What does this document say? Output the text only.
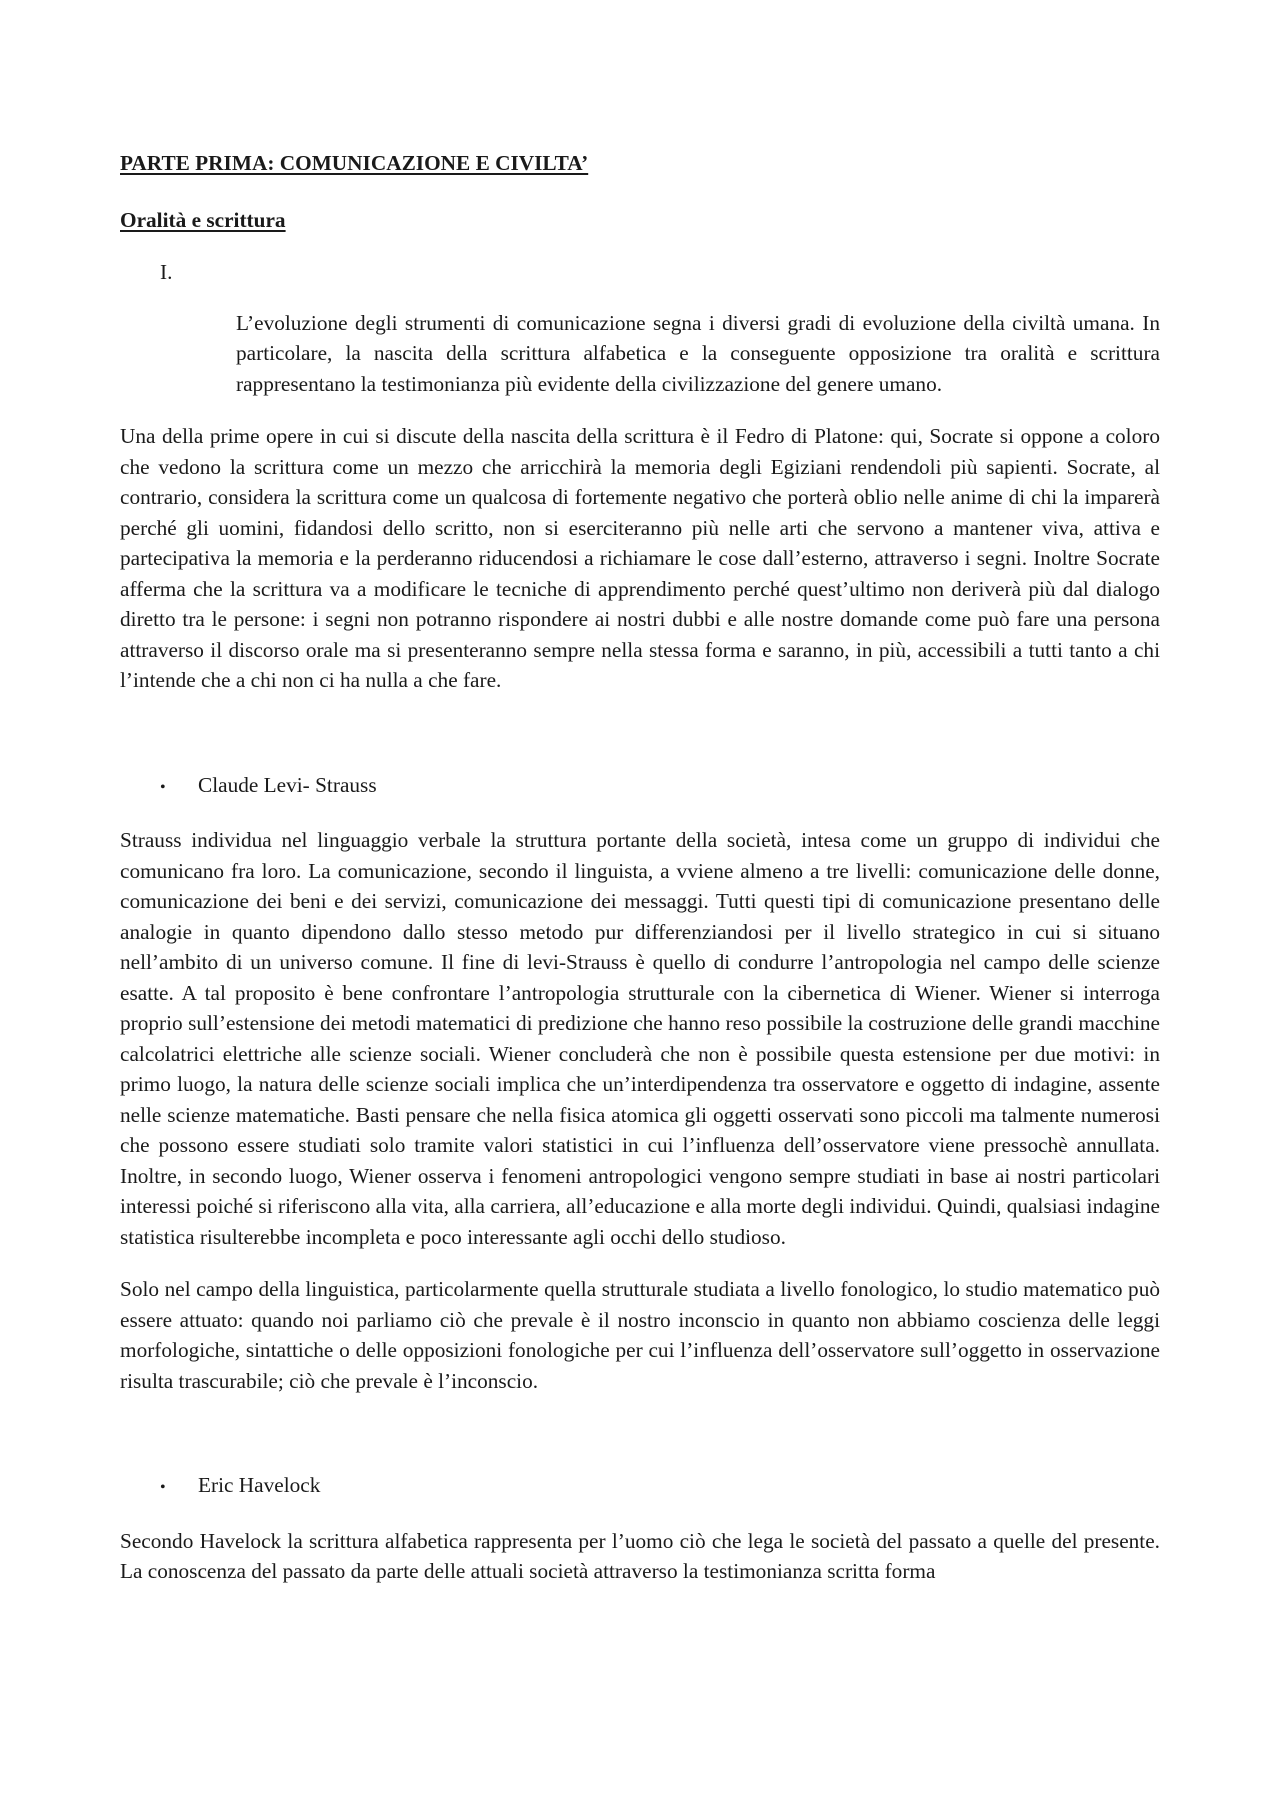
PARTE PRIMA: COMUNICAZIONE E CIVILTA’

Oralità e scrittura

I.

L’evoluzione degli strumenti di comunicazione segna i diversi gradi di evoluzione della civiltà umana. In particolare, la nascita della scrittura alfabetica e la conseguente opposizione tra oralità e scrittura rappresentano la testimonianza più evidente della civilizzazione del genere umano.

Una della prime opere in cui si discute della nascita della scrittura è il Fedro di Platone: qui, Socrate si oppone a coloro che vedono la scrittura come un mezzo che arricchirà la memoria degli Egiziani rendendoli più sapienti. Socrate, al contrario, considera la scrittura come un qualcosa di fortemente negativo che porterà oblio nelle anime di chi la imparerà perché gli uomini, fidandosi dello scritto, non si eserciteranno più nelle arti che servono a mantener viva, attiva e partecipativa la memoria e la perderanno riducendosi a richiamare le cose dall’esterno, attraverso i segni. Inoltre Socrate afferma che la scrittura va a modificare le tecniche di apprendimento perché quest’ultimo non deriverà più dal dialogo diretto tra le persone: i segni non potranno rispondere ai nostri dubbi e alle nostre domande come può fare una persona attraverso il discorso orale ma si presenteranno sempre nella stessa forma e saranno, in più, accessibili a tutti tanto a chi l’intende che a chi non ci ha nulla a che fare.

•	Claude Levi- Strauss

Strauss individua nel linguaggio verbale la struttura portante della società, intesa come un gruppo di individui che comunicano fra loro. La comunicazione, secondo il linguista, a vviene almeno a tre livelli: comunicazione delle donne, comunicazione dei beni e dei servizi, comunicazione dei messaggi. Tutti questi tipi di comunicazione presentano delle analogie in quanto dipendono dallo stesso metodo pur differenziandosi per il livello strategico in cui si situano nell’ambito di un universo comune. Il fine di levi-Strauss è quello di condurre l’antropologia nel campo delle scienze esatte. A tal proposito è bene confrontare l’antropologia strutturale con la cibernetica di Wiener. Wiener si interroga proprio sull’estensione dei metodi matematici di predizione che hanno reso possibile la costruzione delle grandi macchine calcolatrici elettriche alle scienze sociali. Wiener concluderà che non è possibile questa estensione per due motivi: in primo luogo, la natura delle scienze sociali implica che un’interdipendenza tra osservatore e oggetto di indagine, assente nelle scienze matematiche. Basti pensare che nella fisica atomica gli oggetti osservati sono piccoli ma talmente numerosi che possono essere studiati solo tramite valori statistici in cui l’influenza dell’osservatore viene pressochè annullata. Inoltre, in secondo luogo, Wiener osserva i fenomeni antropologici vengono sempre studiati in base ai nostri particolari interessi poiché si riferiscono alla vita, alla carriera, all’educazione e alla morte degli individui. Quindi, qualsiasi indagine statistica risulterebbe incompleta e poco interessante agli occhi dello studioso.

Solo nel campo della linguistica, particolarmente quella strutturale studiata a livello fonologico, lo studio matematico può essere attuato: quando noi parliamo ciò che prevale è il nostro inconscio in quanto non abbiamo coscienza delle leggi morfologiche, sintattiche o delle opposizioni fonologiche per cui l’influenza dell’osservatore sull’oggetto in osservazione risulta trascurabile; ciò che prevale è l’inconscio.

•	Eric Havelock

Secondo Havelock la scrittura alfabetica rappresenta per l’uomo ciò che lega le società del passato a quelle del presente. La conoscenza del passato da parte delle attuali società attraverso la testimonianza scritta forma
